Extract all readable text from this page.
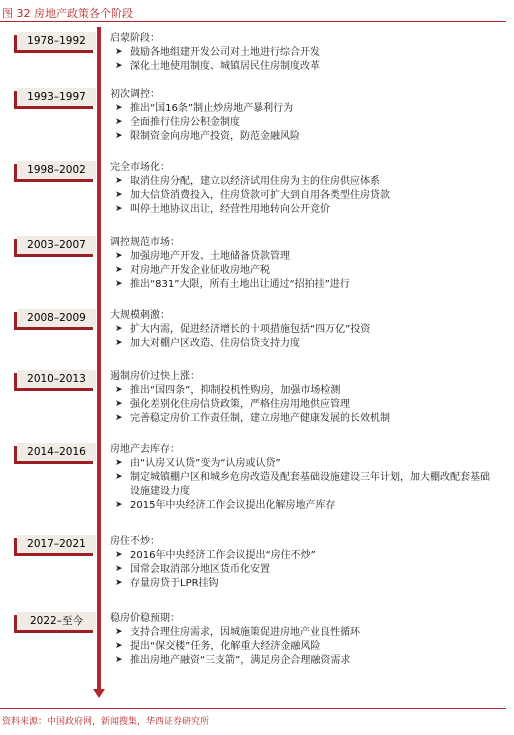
图 32 房地产政策各个阶段
1978–1992	启蒙阶段：
➤ 鼓励各地组建开发公司对土地进行综合开发
➤ 深化土地使用制度、城镇居民住房制度改革
1993–1997	初次调控：
➤ 推出“国16条”制止炒房地产暴利行为
➤ 全面推行住房公积金制度
➤ 限制资金向房地产投资，防范金融风险
1998–2002	完全市场化：
➤ 取消住房分配，建立以经济试用住房为主的住房供应体系
➤ 加大信贷消费投入，住房贷款可扩大到自用各类型住房贷款
➤ 叫停土地协议出让，经营性用地转向公开竞价
2003–2007	调控规范市场：
➤ 加强房地产开发、土地储备贷款管理
➤ 对房地产开发企业征收房地产税
➤ 推出“831”大限，所有土地出让通过“招拍挂”进行
2008–2009	大规模刺激：
➤ 扩大内需，促进经济增长的十项措施包括“四万亿”投资
➤ 加大对棚户区改造、住房信贷支持力度
2010–2013	遏制房价过快上涨：
➤ 推出“国四条”，抑制投机性购房，加强市场检测
➤ 强化差别化住房信贷政策，严格住房用地供应管理
➤ 完善稳定房价工作责任制，建立房地产健康发展的长效机制
2014–2016	房地产去库存：
➤ 由“认房又认贷”变为“认房或认贷”
➤ 制定城镇棚户区和城乡危房改造及配套基础设施建设三年计划，加大棚改配套基础设施建设力度
➤ 2015年中央经济工作会议提出化解房地产库存
2017–2021	房住不炒：
➤ 2016年中央经济工作会议提出“房住不炒”
➤ 国常会取消部分地区货币化安置
➤ 存量房贷于LPR挂钩
2022–至今	稳房价稳预期：
➤ 支持合理住房需求，因城施策促进房地产业良性循环
➤ 提出“保交楼”任务，化解重大经济金融风险
➤ 推出房地产融资“三支箭”，满足房企合理融资需求
资料来源：中国政府网，新闻搜集，华西证券研究所
